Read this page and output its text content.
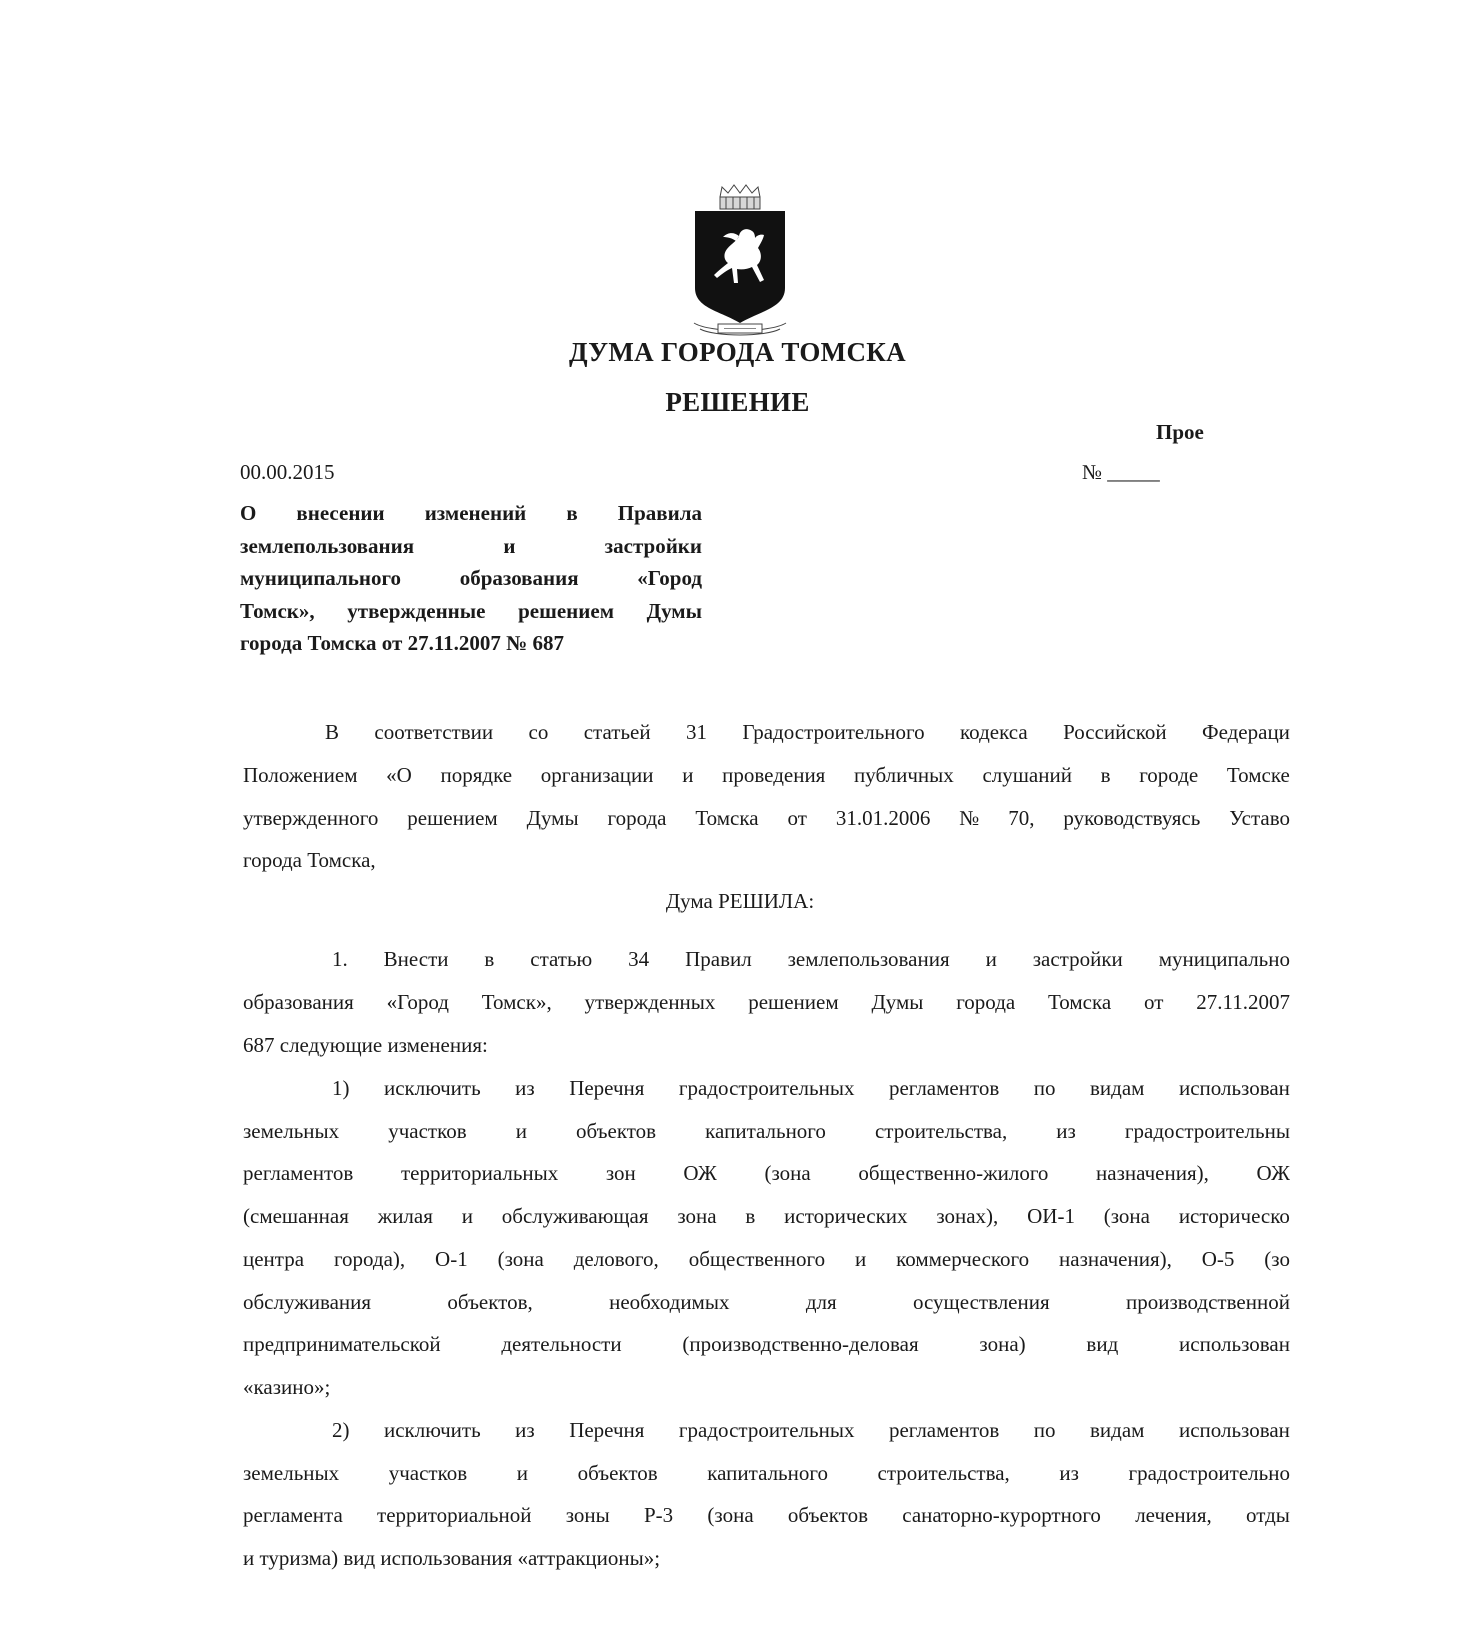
ДУМА ГОРОДА ТОМСКА
РЕШЕНИЕ
Прое
00.00.2015	№ _____
О внесении изменений в Правила
землепользования и застройки
муниципального образования «Город
Томск», утвержденные решением Думы
города Томска от 27.11.2007 № 687
В соответствии со статьей 31 Градостроительного кодекса Российской Федераци
Положением «О порядке организации и проведения публичных слушаний в городе Томске
утвержденного решением Думы города Томска от 31.01.2006 № 70, руководствуясь Уставо
города Томска,
Дума РЕШИЛА:
1. Внести в статью 34 Правил землепользования и застройки муниципально
образования «Город Томск», утвержденных решением Думы города Томска от 27.11.2007
687 следующие изменения:
1) исключить из Перечня градостроительных регламентов по видам использован
земельных участков и объектов капитального строительства, из градостроительны
регламентов территориальных зон ОЖ (зона общественно-жилого назначения), ОЖ
(смешанная жилая и обслуживающая зона в исторических зонах), ОИ-1 (зона историческо
центра города), О-1 (зона делового, общественного и коммерческого назначения), О-5 (зо
обслуживания	объектов,	необходимых	для	осуществления	производственной
предпринимательской	деятельности	(производственно-деловая	зона)	вид	использован
«казино»;
2) исключить из Перечня градостроительных регламентов по видам использован
земельных участков и объектов капитального строительства, из градостроительно
регламента территориальной зоны Р-3 (зона объектов санаторно-курортного лечения, отды
и туризма) вид использования «аттракционы»;
